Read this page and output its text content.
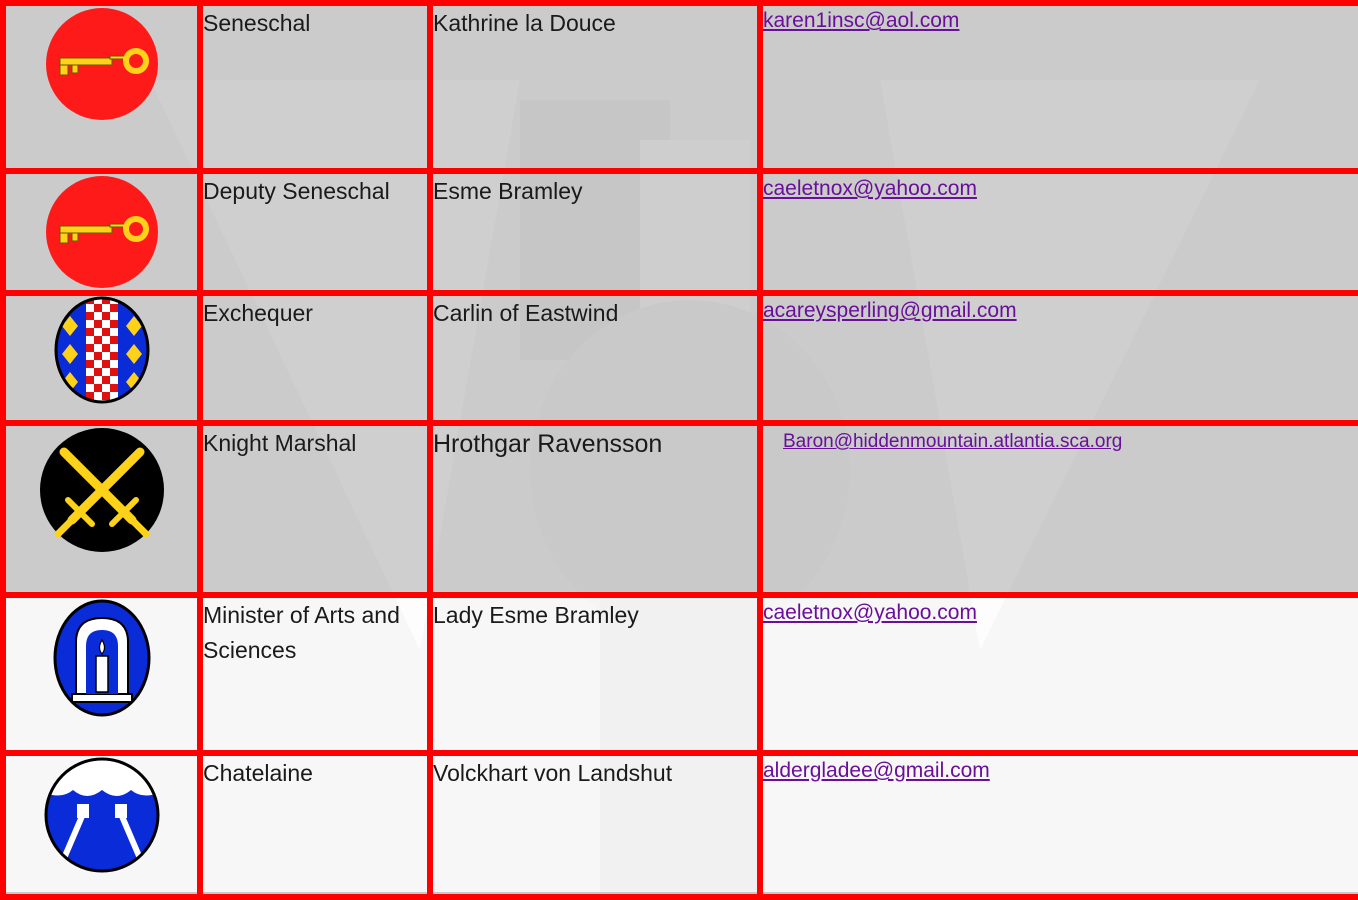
	Seneschal	Kathrine la Douce	karen1insc@aol.com

	Deputy Seneschal	Esme Bramley	caeletnox@yahoo.com

	Exchequer	Carlin of Eastwind	acareysperling@gmail.com

	Knight Marshal	Hrothgar Ravensson	Baron@hiddenmountain.atlantia.sca.org

	Minister of Arts and Sciences	Lady Esme Bramley	caeletnox@yahoo.com

	Chatelaine	Volckhart von Landshut	aldergladee@gmail.com
